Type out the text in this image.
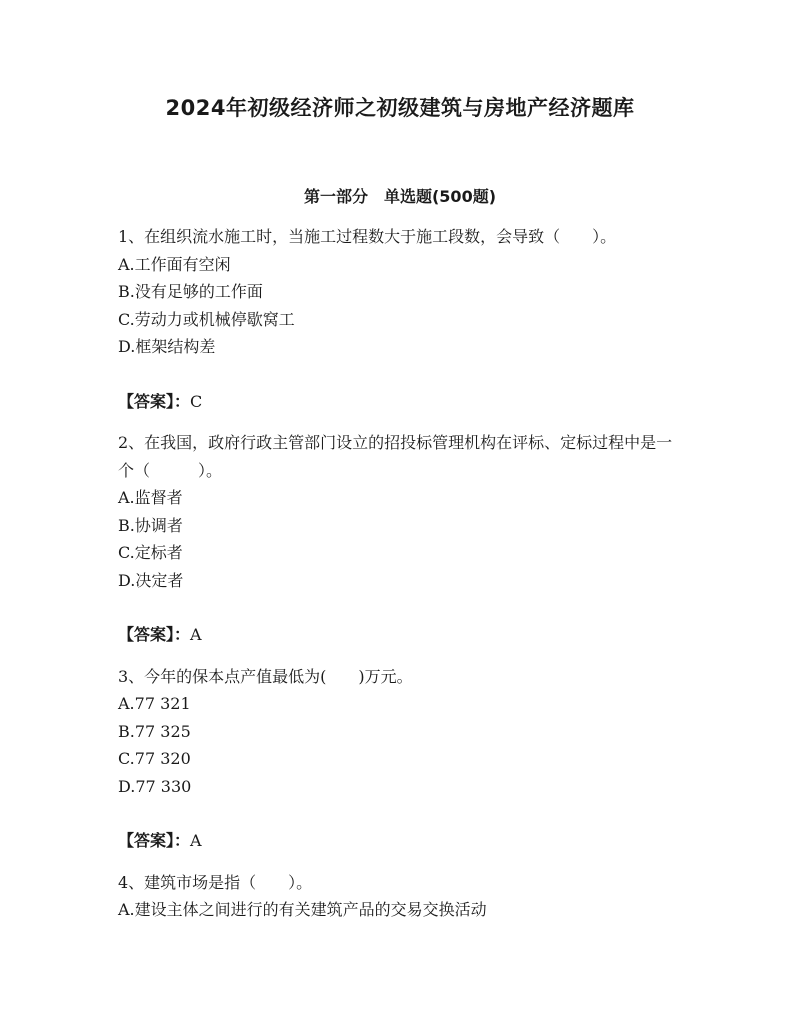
2024年初级经济师之初级建筑与房地产经济题库
第一部分　单选题(500题)

1、在组织流水施工时，当施工过程数大于施工段数，会导致（　　）。

A.工作面有空闲

B.没有足够的工作面

C.劳动力或机械停歇窝工

D.框架结构差

【答案】：C

2、在我国，政府行政主管部门设立的招投标管理机构在评标、定标过程中是一个（　　　）。

A.监督者

B.协调者

C.定标者

D.决定者

【答案】：A

3、今年的保本点产值最低为(　　)万元。

A.77 321

B.77 325

C.77 320

D.77 330

【答案】：A

4、建筑市场是指（　　）。

A.建设主体之间进行的有关建筑产品的交易交换活动
